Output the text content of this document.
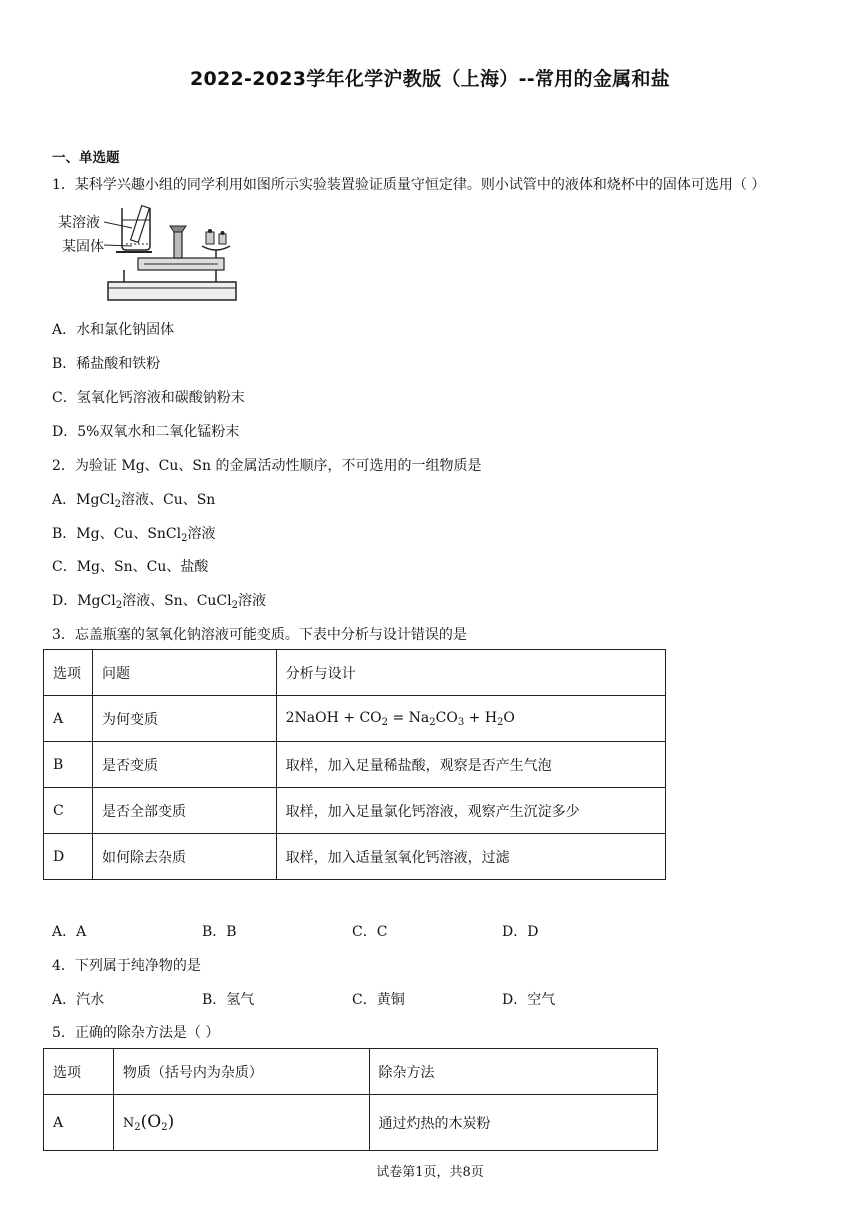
2022-2023学年化学沪教版（上海）--常用的金属和盐
一、单选题
1．某科学兴趣小组的同学利用如图所示实验装置验证质量守恒定律。则小试管中的液体和烧杯中的固体可选用（ ）
某溶液
某固体
A．水和氯化钠固体
B．稀盐酸和铁粉
C．氢氧化钙溶液和碳酸钠粉末
D．5%双氧水和二氧化锰粉末
2．为验证 Mg、Cu、Sn 的金属活动性顺序，不可选用的一组物质是
A．MgCl$_2$溶液、Cu、Sn
B．Mg、Cu、SnCl$_2$溶液
C．Mg、Sn、Cu、盐酸
D．MgCl$_2$溶液、Sn、CuCl$_2$溶液
3．忘盖瓶塞的氢氧化钠溶液可能变质。下表中分析与设计错误的是
选项	问题	分析与设计
A	为何变质	2NaOH + $CO_2 = Na_2CO_3 + H_2O$
B	是否变质	取样，加入足量稀盐酸，观察是否产生气泡
C	是否全部变质	取样，加入足量氯化钙溶液，观察产生沉淀多少
D	如何除去杂质	取样，加入适量氢氧化钙溶液，过滤
A．A	B．B	C．C	D．D
4．下列属于纯净物的是
A．汽水	B．氢气	C．黄铜	D．空气
5．正确的除杂方法是（ ）
选项	物质（括号内为杂质）	除杂方法
A	$N_2(O_2)$	通过灼热的木炭粉
试卷第1页，共8页
